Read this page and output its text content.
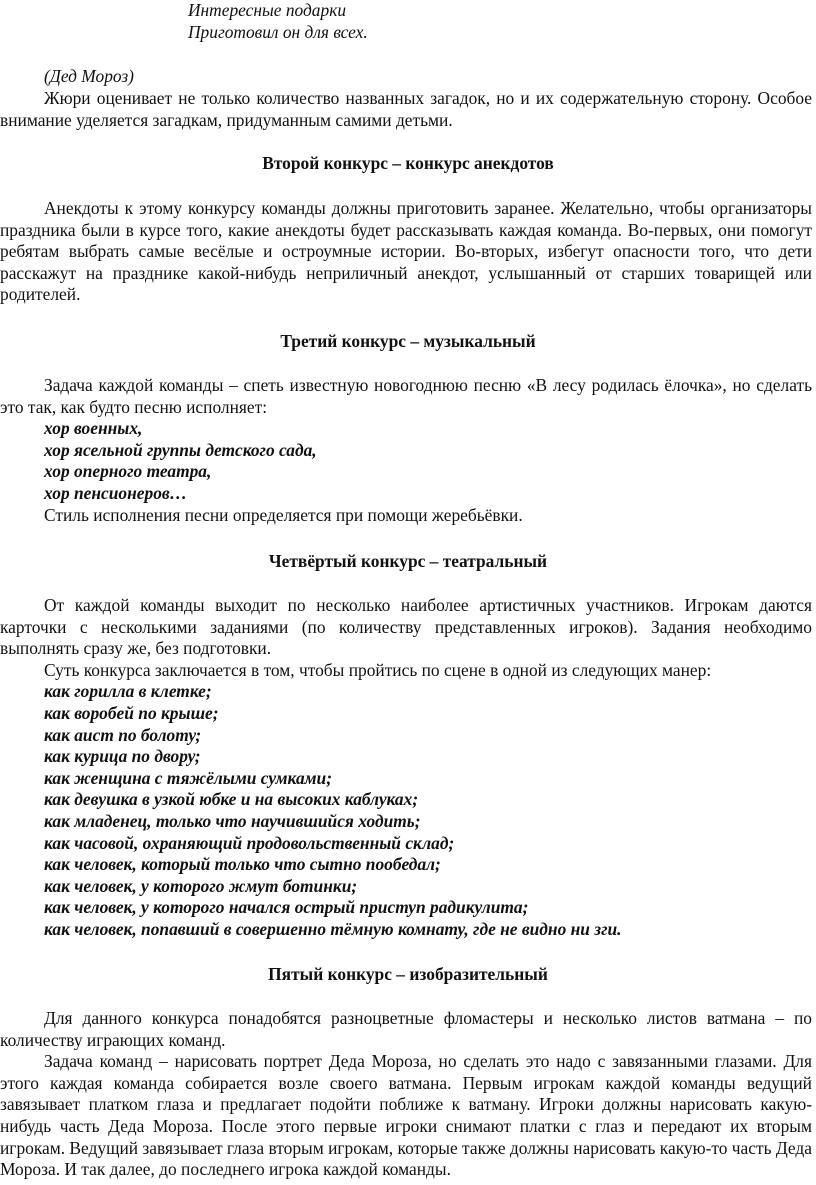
Интересные подарки

Приготовил он для всех.

(Дед Мороз)

Жюри оценивает не только количество названных загадок, но и их содержательную сторону. Особое внимание уделяется загадкам, придуманным самими детьми.

Второй конкурс – конкурс анекдотов

Анекдоты к этому конкурсу команды должны приготовить заранее. Желательно, чтобы организаторы праздника были в курсе того, какие анекдоты будет рассказывать каждая команда. Во-первых, они помогут ребятам выбрать самые весёлые и остроумные истории. Во-вторых, избегут опасности того, что дети расскажут на празднике какой-нибудь неприличный анекдот, услышанный от старших товарищей или родителей.

Третий конкурс – музыкальный

Задача каждой команды – спеть известную новогоднюю песню «В лесу родилась ёлочка», но сделать это так, как будто песню исполняет:

хор военных,
хор ясельной группы детского сада,
хор оперного театра,
хор пенсионеров…

Стиль исполнения песни определяется при помощи жеребьёвки.

Четвёртый конкурс – театральный

От каждой команды выходит по несколько наиболее артистичных участников. Игрокам даются карточки с несколькими заданиями (по количеству представленных игроков). Задания необходимо выполнять сразу же, без подготовки.

Суть конкурса заключается в том, чтобы пройтись по сцене в одной из следующих манер:

как горилла в клетке;
как воробей по крыше;
как аист по болоту;
как курица по двору;
как женщина с тяжёлыми сумками;
как девушка в узкой юбке и на высоких каблуках;
как младенец, только что научившийся ходить;
как часовой, охраняющий продовольственный склад;
как человек, который только что сытно пообедал;
как человек, у которого жмут ботинки;
как человек, у которого начался острый приступ радикулита;
как человек, попавший в совершенно тёмную комнату, где не видно ни зги.
Пятый конкурс – изобразительный

Для данного конкурса понадобятся разноцветные фломастеры и несколько листов ватмана – по количеству играющих команд.

Задача команд – нарисовать портрет Деда Мороза, но сделать это надо с завязанными глазами. Для этого каждая команда собирается возле своего ватмана. Первым игрокам каждой команды ведущий завязывает платком глаза и предлагает подойти поближе к ватману. Игроки должны нарисовать какую-нибудь часть Деда Мороза. После этого первые игроки снимают платки с глаз и передают их вторым игрокам. Ведущий завязывает глаза вторым игрокам, которые также должны нарисовать какую-то часть Деда Мороза. И так далее, до последнего игрока каждой команды.
